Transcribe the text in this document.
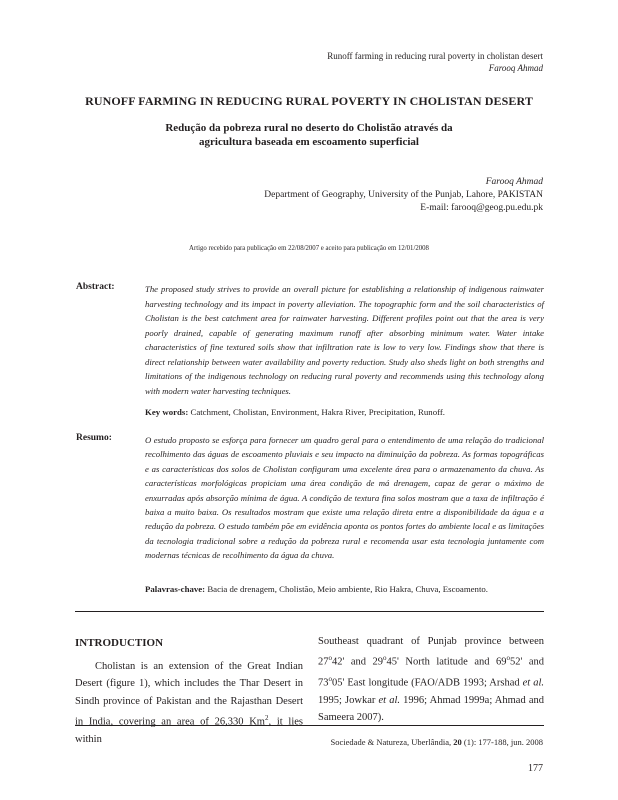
Runoff farming in reducing rural poverty in cholistan desert
Farooq Ahmad
RUNOFF FARMING IN REDUCING RURAL POVERTY IN CHOLISTAN DESERT
Redução da pobreza rural no deserto do Cholistão através da agricultura baseada em escoamento superficial
Farooq Ahmad
Department of Geography, University of the Punjab, Lahore, PAKISTAN
E-mail: farooq@geog.pu.edu.pk
Artigo recebido para publicação em 22/08/2007 e aceito para publicação em 12/01/2008
Abstract:	The proposed study strives to provide an overall picture for establishing a relationship of indigenous rainwater harvesting technology and its impact in poverty alleviation. The topographic form and the soil characteristics of Cholistan is the best catchment area for rainwater harvesting. Different profiles point out that the area is very poorly drained, capable of generating maximum runoff after absorbing minimum water. Water intake characteristics of fine textured soils show that infiltration rate is low to very low. Findings show that there is direct relationship between water availability and poverty reduction. Study also sheds light on both strengths and limitations of the indigenous technology on reducing rural poverty and recommends using this technology along with modern water harvesting techniques.
Key words: Catchment, Cholistan, Environment, Hakra River, Precipitation, Runoff.
Resumo:	O estudo proposto se esforça para fornecer um quadro geral para o entendimento de uma relação do tradicional recolhimento das águas de escoamento pluviais e seu impacto na diminuição da pobreza. As formas topográficas e as características dos solos de Cholistan configuram uma excelente área para o armazenamento da chuva. As características morfológicas propiciam uma área condição de má drenagem, capaz de gerar o máximo de enxurradas após absorção mínima de água. A condição de textura fina solos mostram que a taxa de infiltração é baixa a muito baixa. Os resultados mostram que existe uma relação direta entre a disponibilidade da água e a redução da pobreza. O estudo também põe em evidência aponta os pontos fortes do ambiente local e as limitações da tecnologia tradicional sobre a redução da pobreza rural e recomenda usar esta tecnologia juntamente com modernas técnicas de recolhimento da água da chuva.
Palavras-chave: Bacia de drenagem, Cholistão, Meio ambiente, Rio Hakra, Chuva, Escoamento.
INTRODUCTION
Cholistan is an extension of the Great Indian Desert (figure 1), which includes the Thar Desert in Sindh province of Pakistan and the Rajasthan Desert in India, covering an area of 26,330 Km$^2$, it lies within
Southeast quadrant of Punjab province between 27$^o$42' and 29$^o$45' North latitude and 69$^o$52' and 73$^o$05' East longitude (FAO/ADB 1993; Arshad et al. 1995; Jowkar et al. 1996; Ahmad 1999a; Ahmad and Sameera 2007).
Sociedade & Natureza, Uberlândia, 20 (1): 177-188, jun. 2008
177
